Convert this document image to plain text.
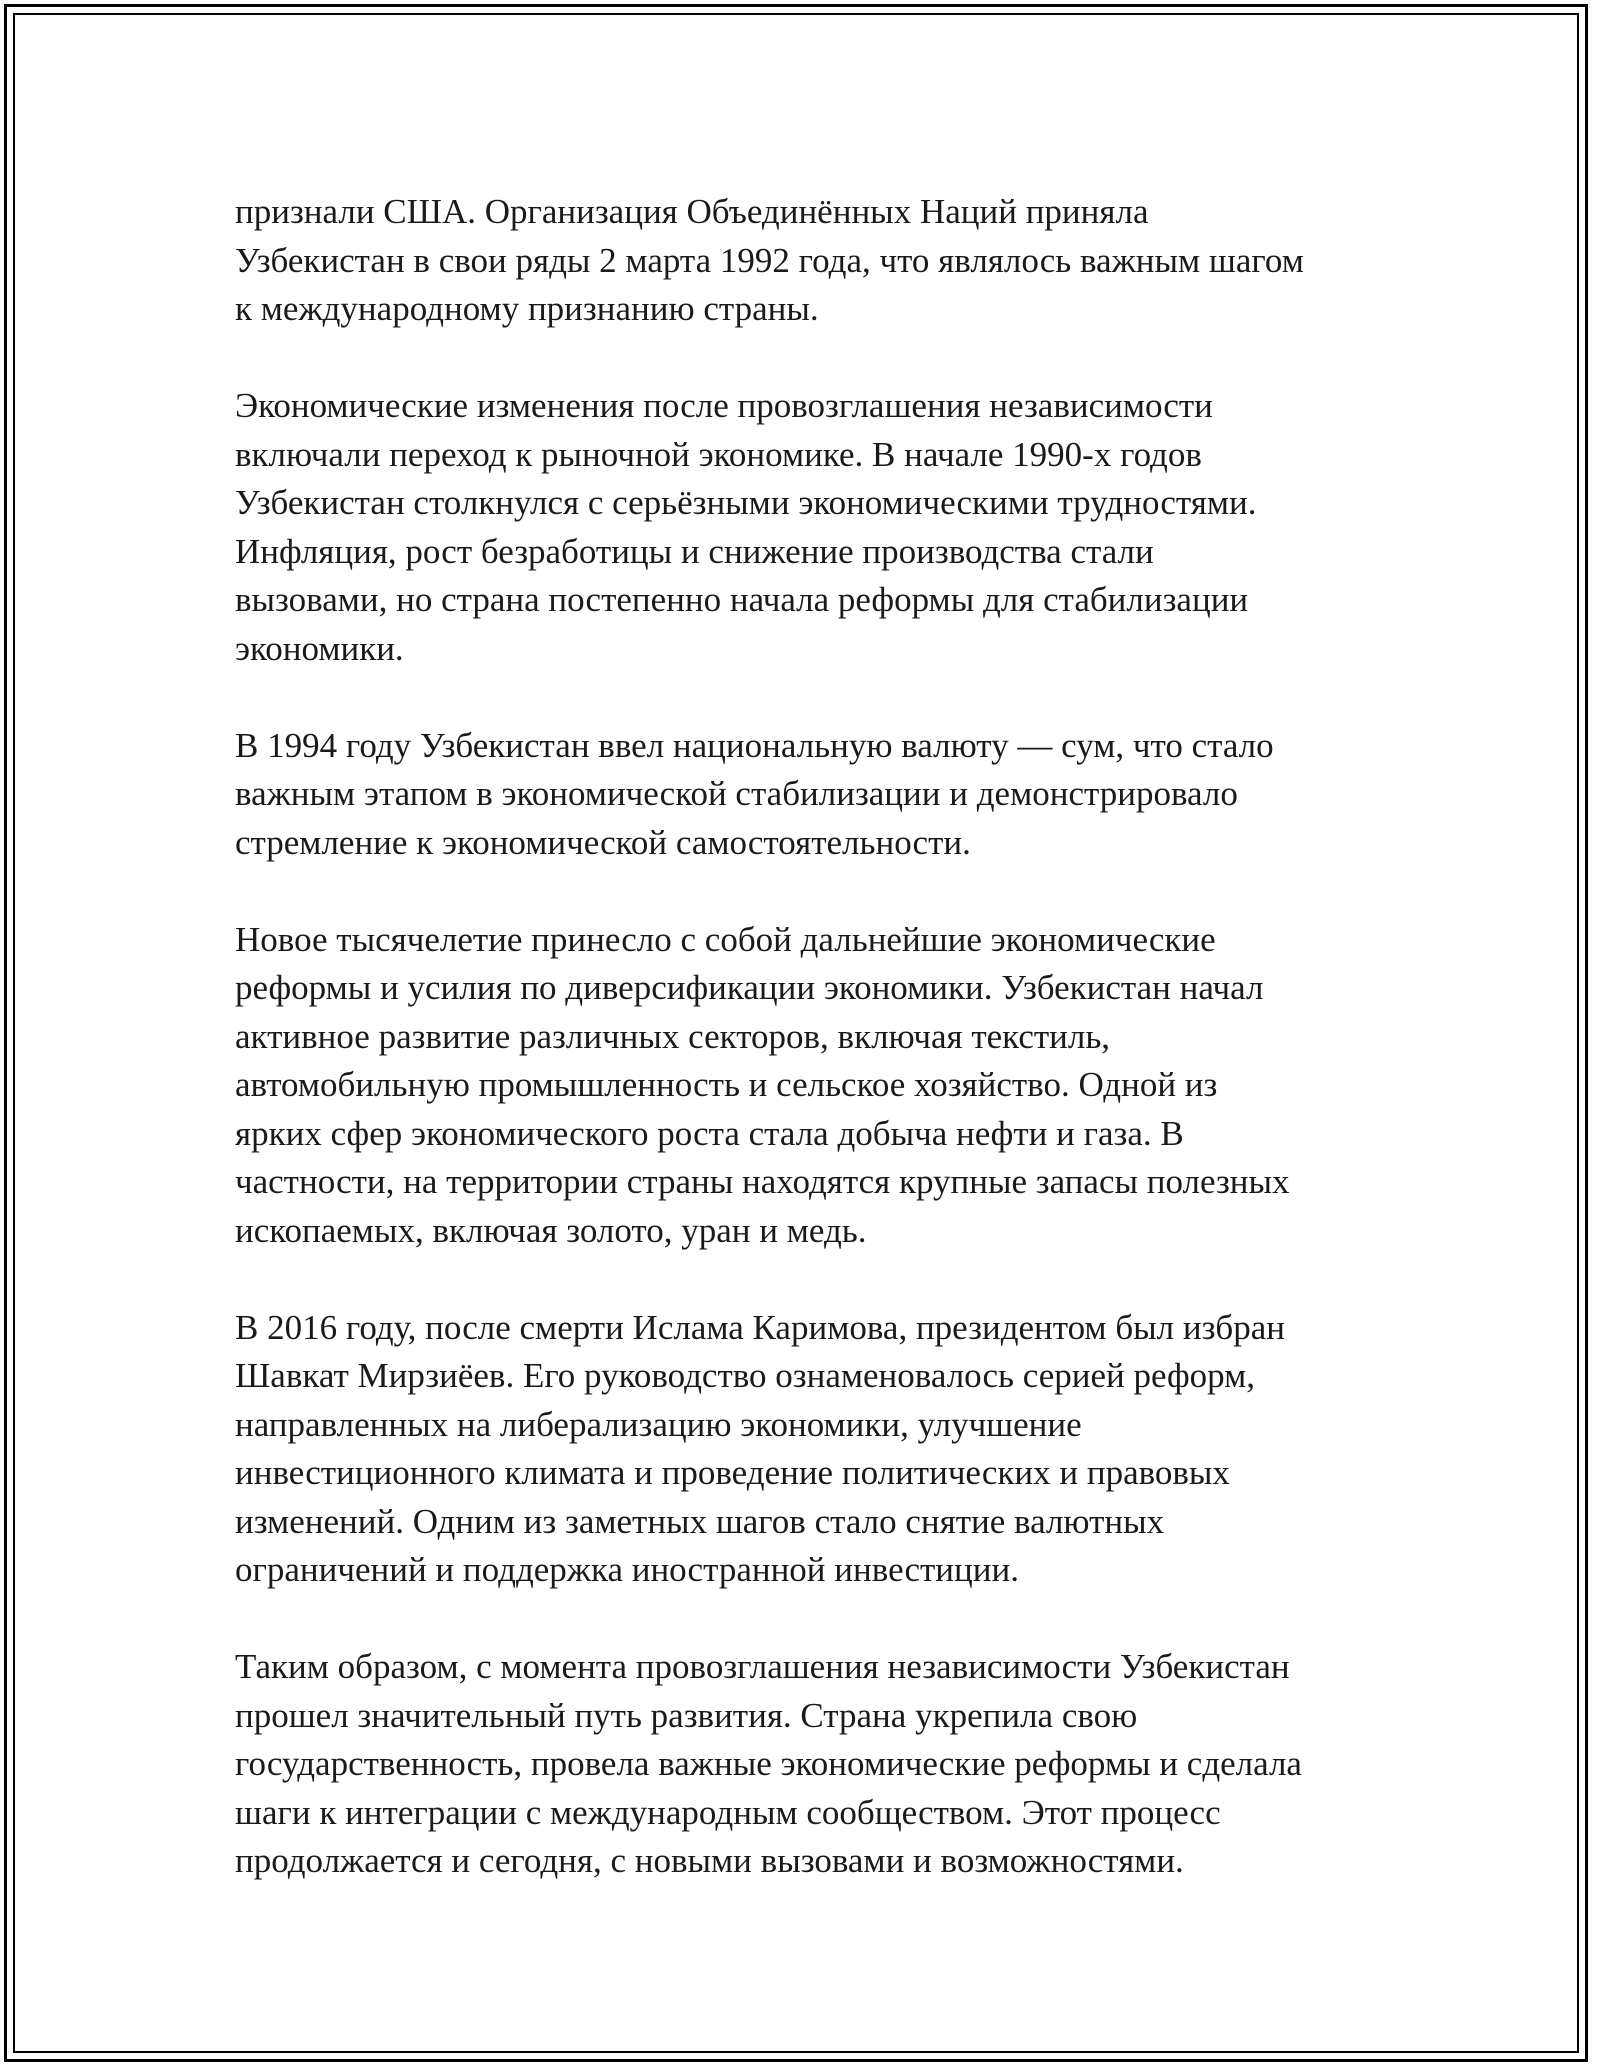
признали США. Организация Объединённых Наций приняла
Узбекистан в свои ряды 2 марта 1992 года, что являлось важным шагом
к международному признанию страны.

Экономические изменения после провозглашения независимости
включали переход к рыночной экономике. В начале 1990-х годов
Узбекистан столкнулся с серьёзными экономическими трудностями.
Инфляция, рост безработицы и снижение производства стали
вызовами, но страна постепенно начала реформы для стабилизации
экономики.

В 1994 году Узбекистан ввел национальную валюту — сум, что стало
важным этапом в экономической стабилизации и демонстрировало
стремление к экономической самостоятельности.

Новое тысячелетие принесло с собой дальнейшие экономические
реформы и усилия по диверсификации экономики. Узбекистан начал
активное развитие различных секторов, включая текстиль,
автомобильную промышленность и сельское хозяйство. Одной из
ярких сфер экономического роста стала добыча нефти и газа. В
частности, на территории страны находятся крупные запасы полезных
ископаемых, включая золото, уран и медь.

В 2016 году, после смерти Ислама Каримова, президентом был избран
Шавкат Мирзиёев. Его руководство ознаменовалось серией реформ,
направленных на либерализацию экономики, улучшение
инвестиционного климата и проведение политических и правовых
изменений. Одним из заметных шагов стало снятие валютных
ограничений и поддержка иностранной инвестиции.

Таким образом, с момента провозглашения независимости Узбекистан
прошел значительный путь развития. Страна укрепила свою
государственность, провела важные экономические реформы и сделала
шаги к интеграции с международным сообществом. Этот процесс
продолжается и сегодня, с новыми вызовами и возможностями.
